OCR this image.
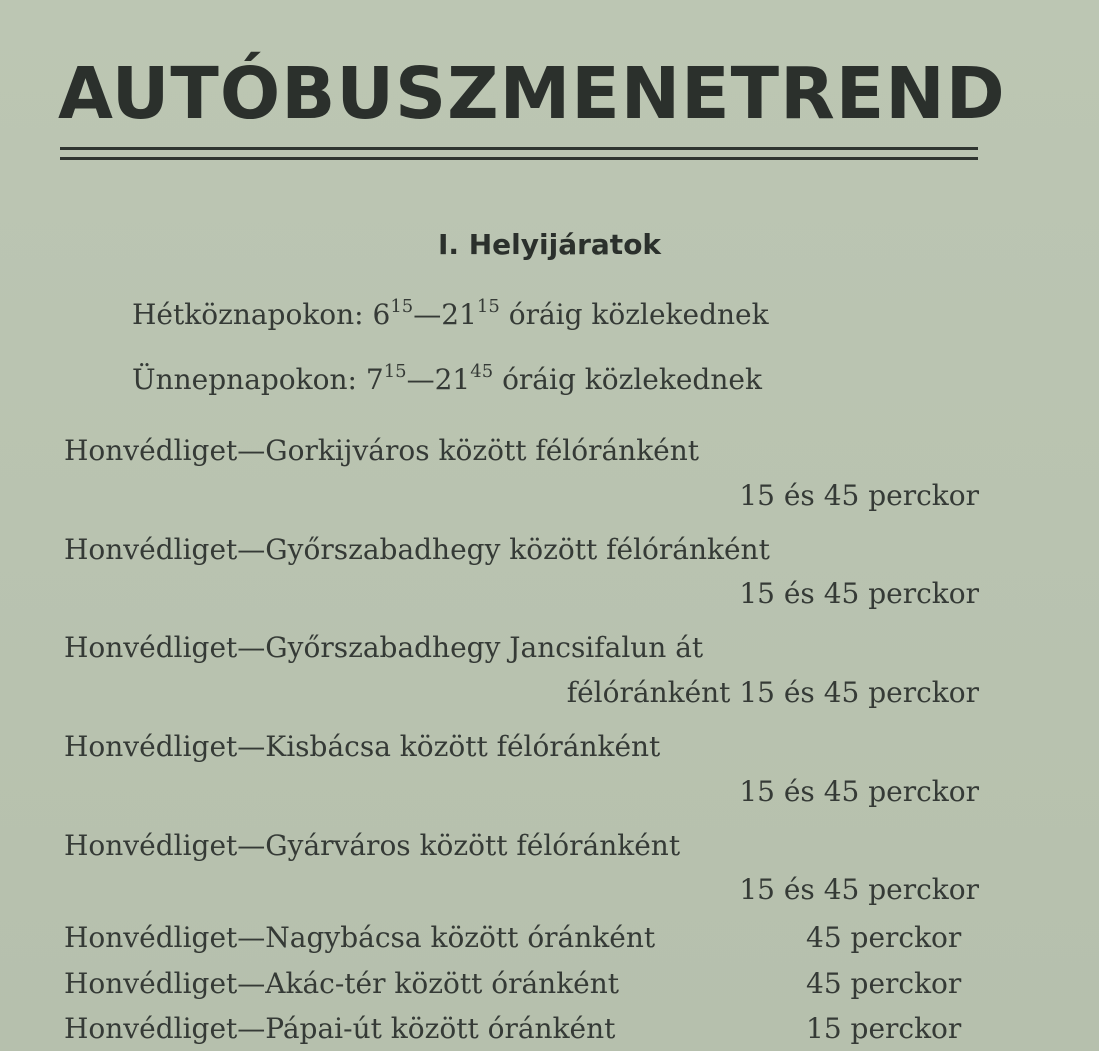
AUTÓBUSZMENETREND
I. Helyijáratok
Hétköznapokon: $6^{15}—21^{15}$ óráig közlekednek
Ünnepnapokon: $7^{15}—21^{45}$ óráig közlekednek
Honvédliget—Gorkijváros között félóránként
15 és 45 perckor
Honvédliget—Győrszabadhegy között félóránként
15 és 45 perckor
Honvédliget—Győrszabadhegy Jancsifalun át
félóránként 15 és 45 perckor
Honvédliget—Kisbácsa között félóránként
15 és 45 perckor
Honvédliget—Gyárváros között félóránként
15 és 45 perckor
Honvédliget—Nagybácsa között óránként	45 perckor
Honvédliget—Akác-tér között óránként	45 perckor
Honvédliget—Pápai-út között óránként	15 perckor
